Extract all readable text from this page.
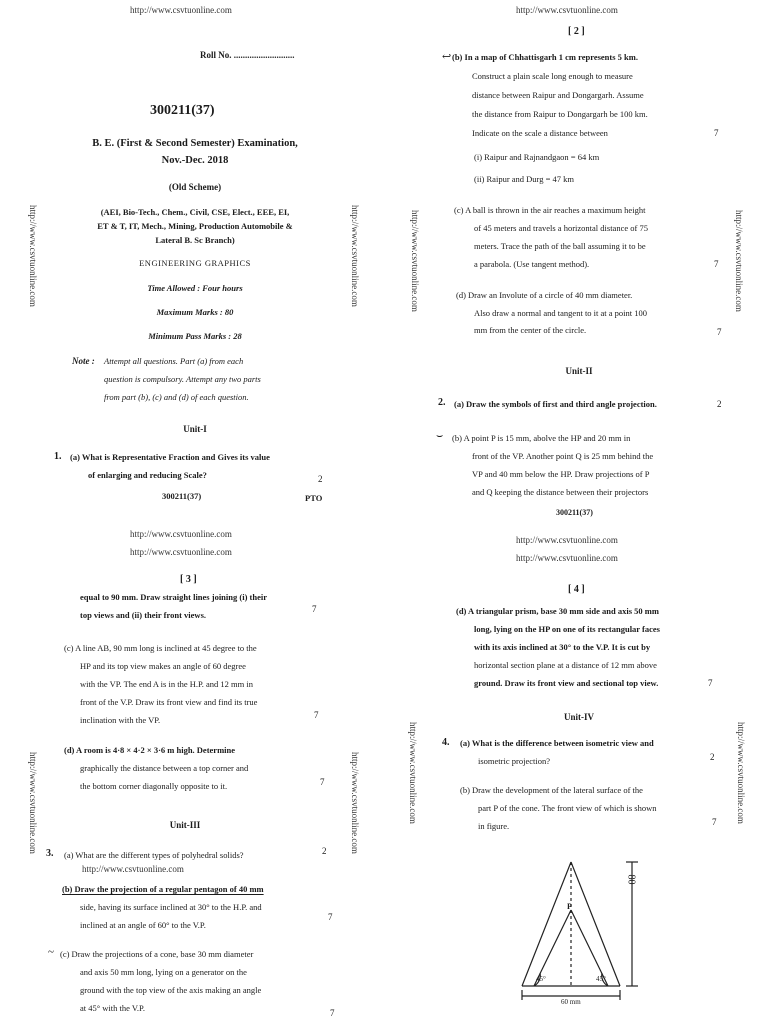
http://www.csvtuonline.com
Roll No. ...........................
300211(37)
B. E. (First & Second Semester) Examination,
Nov.-Dec. 2018
(Old Scheme)
(AEI, Bio-Tech., Chem., Civil, CSE, Elect., EEE, EI,
ET & T, IT, Mech., Mining, Production Automobile &
Lateral B. Sc Branch)
ENGINEERING GRAPHICS
Time Allowed : Four hours
Maximum Marks : 80
Minimum Pass Marks : 28
Note : Attempt all questions. Part (a) from each
question is compulsory. Attempt any two parts
from part (b), (c) and (d) of each question.
Unit-I
1. (a) What is Representative Fraction and Gives its value
of enlarging and reducing Scale?	2
300211(37)	PTO
http://www.csvtuonline.com	http://www.csvtuonline.com
http://www.csvtuonline.com
[ 2 ]
↩ (b) In a map of Chhattisgarh 1 cm represents 5 km.
Construct a plain scale long enough to measure
distance between Raipur and Dongargarh. Assume
the distance from Raipur to Dongargarh be 100 km.
Indicate on the scale a distance between	7
(i) Raipur and Rajnandgaon = 64 km
(ii) Raipur and Durg = 47 km
(c) A ball is thrown in the air reaches a maximum height
of 45 meters and travels a horizontal distance of 75
meters. Trace the path of the ball assuming it to be
a parabola. (Use tangent method).	7
(d) Draw an Involute of a circle of 40 mm diameter.
Also draw a normal and tangent to it at a point 100
mm from the center of the circle.	7
Unit-II
2. (a) Draw the symbols of first and third angle projection.	2
⌣ (b) A point P is 15 mm, abolve the HP and 20 mm in
front of the VP. Another point Q is 25 mm behind the
VP and 40 mm below the HP. Draw projections of P
and Q keeping the distance between their projectors
300211(37)
http://www.csvtuonline.com	http://www.csvtuonline.com
http://www.csvtuonline.com
http://www.csvtuonline.com
[ 3 ]
equal to 90 mm. Draw straight lines joining (i) their
top views and (ii) their front views.
7
(c) A line AB, 90 mm long is inclined at 45 degree to the
HP and its top view makes an angle of 60 degree
with the VP. The end A is in the H.P. and 12 mm in
front of the V.P. Draw its front view and find its true
inclination with the VP.	7
(d) A room is 4·8 × 4·2 × 3·6 m high. Determine
graphically the distance between a top corner and
the bottom corner diagonally opposite to it.	7
Unit-III
3. (a) What are the different types of polyhedral solids?	2
http://www.csvtuonline.com
(b) Draw the projection of a regular pentagon of 40 mm
side, having its surface inclined at 30° to the H.P. and
inclined at an angle of 60° to the V.P.
7
~ (c) Draw the projections of a cone, base 30 mm diameter
and axis 50 mm long, lying on a generator on the
ground with the top view of the axis making an angle
at 45° with the V.P.	7
http://www.csvtuonline.com	http://www.csvtuonline.com
http://www.csvtuonline.com
http://www.csvtuonline.com
[ 4 ]
(d) A triangular prism, base 30 mm side and axis 50 mm
long, lying on the HP on one of its rectangular faces
with its axis inclined at 30° to the V.P. It is cut by
horizontal section plane at a distance of 12 mm above
ground. Draw its front view and sectional top view.	7
Unit-IV
4. (a) What is the difference between isometric view and
isometric projection?	2
(b) Draw the development of the lateral surface of the
part P of the cone. The front view of which is shown
in figure.	7
P
80
45°	45°
60 mm
http://www.csvtuonline.com	http://www.csvtuonline.com
